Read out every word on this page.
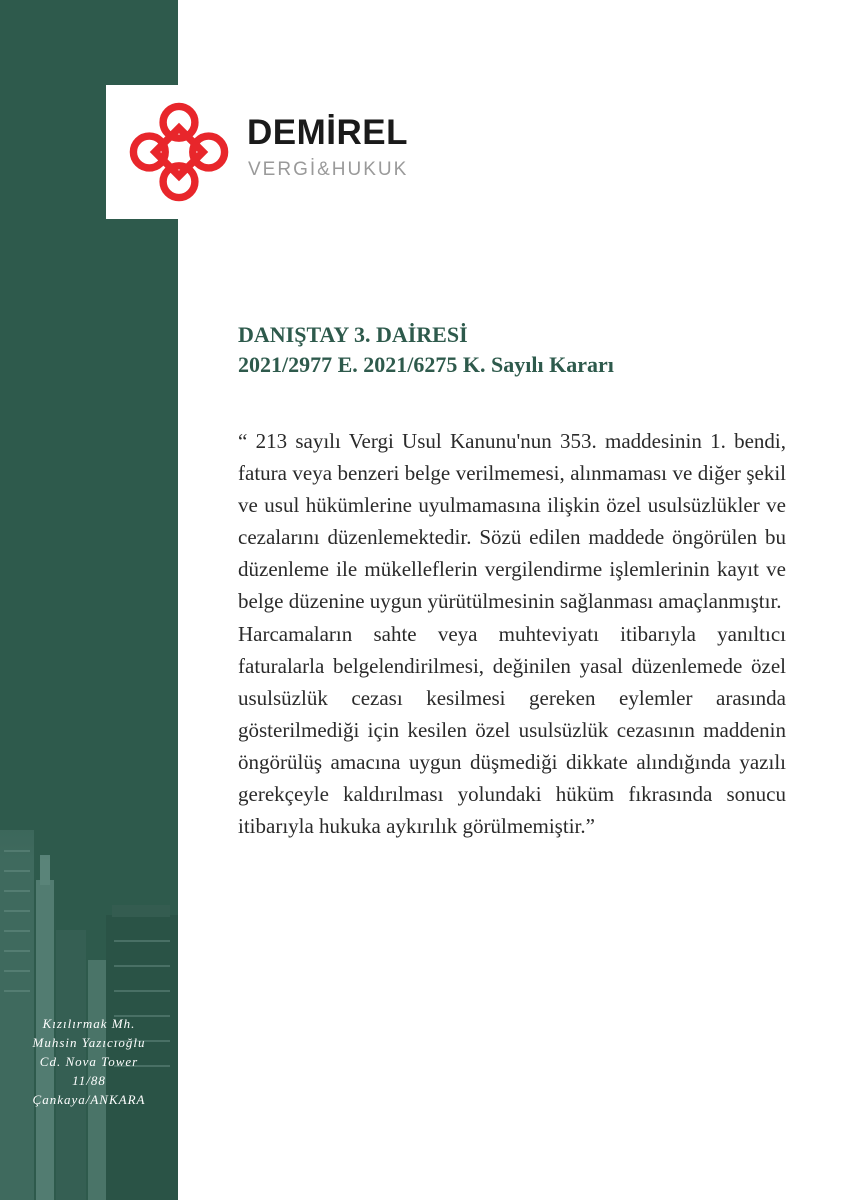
Kızılırmak Mh.
Muhsin Yazıcıoğlu
Cd. Nova Tower
11/88
Çankaya/ANKARA
DEMİREL
VERGİ&HUKUK
DANIŞTAY 3. DAİRESİ
2021/2977 E. 2021/6275 K. Sayılı Kararı

“ 213 sayılı Vergi Usul Kanunu'nun 353. maddesinin 1. bendi, fatura veya benzeri belge verilmemesi, alınmaması ve diğer şekil ve usul hükümlerine uyulmamasına ilişkin özel usulsüzlükler ve cezalarını düzenlemektedir. Sözü edilen maddede öngörülen bu düzenleme ile mükelleflerin vergilendirme işlemlerinin kayıt ve belge düzenine uygun yürütülmesinin sağlanması amaçlanmıştır.

Harcamaların sahte veya muhteviyatı itibarıyla yanıltıcı faturalarla belgelendirilmesi, değinilen yasal düzenlemede özel usulsüzlük cezası kesilmesi gereken eylemler arasında gösterilmediği için kesilen özel usulsüzlük cezasının maddenin öngörülüş amacına uygun düşmediği dikkate alındığında yazılı gerekçeyle kaldırılması yolundaki hüküm fıkrasında sonucu itibarıyla hukuka aykırılık görülmemiştir.”
